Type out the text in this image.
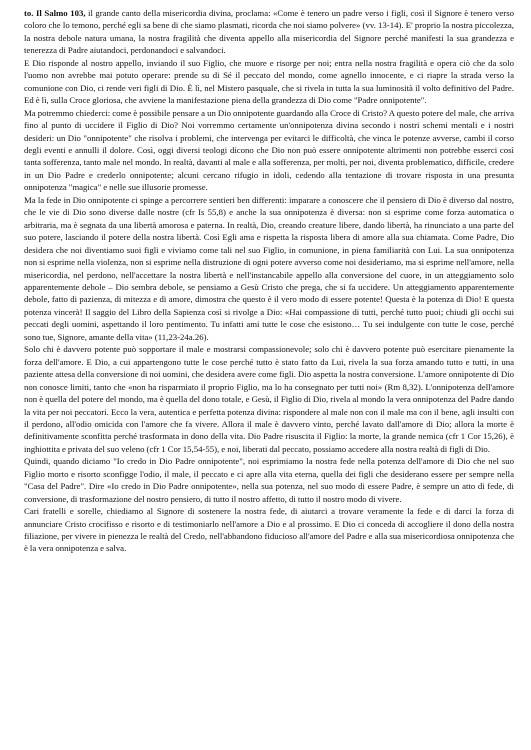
to. Il Salmo 103, il grande canto della misericordia divina, proclama: «Come è tenero un padre verso i figli, così il Signore è tenero verso coloro che lo temono, perché egli sa bene di che siamo plasmati, ricorda che noi siamo polvere» (vv. 13-14). E' proprio la nostra piccolezza, la nostra debole natura umana, la nostra fragilità che diventa appello alla misericordia del Signore perché manifesti la sua grandezza e tenerezza di Padre aiutandoci, perdonandoci e salvandoci.

E Dio risponde al nostro appello, inviando il suo Figlio, che muore e risorge per noi; entra nella nostra fragilità e opera ciò che da solo l'uomo non avrebbe mai potuto operare: prende su di Sé il peccato del mondo, come agnello innocente, e ci riapre la strada verso la comunione con Dio, ci rende veri figli di Dio. È lì, nel Mistero pasquale, che si rivela in tutta la sua luminosità il volto definitivo del Padre. Ed è lì, sulla Croce gloriosa, che avviene la manifestazione piena della grandezza di Dio come "Padre onnipotente".

Ma potremmo chiederci: come è possibile pensare a un Dio onnipotente guardando alla Croce di Cristo? A questo potere del male, che arriva fino al punto di uccidere il Figlio di Dio? Noi vorremmo certamente un'onnipotenza divina secondo i nostri schemi mentali e i nostri desideri: un Dio "onnipotente" che risolva i problemi, che intervenga per evitarci le difficoltà, che vinca le potenze avverse, cambi il corso degli eventi e annulli il dolore. Così, oggi diversi teologi dicono che Dio non può essere onnipotente altrimenti non potrebbe esserci così tanta sofferenza, tanto male nel mondo. In realtà, davanti al male e alla sofferenza, per molti, per noi, diventa problematico, difficile, credere in un Dio Padre e crederlo onnipotente; alcuni cercano rifugio in idoli, cedendo alla tentazione di trovare risposta in una presunta onnipotenza "magica" e nelle sue illusorie promesse.

Ma la fede in Dio onnipotente ci spinge a percorrere sentieri ben differenti: imparare a conoscere che il pensiero di Dio è diverso dal nostro, che le vie di Dio sono diverse dalle nostre (cfr Is 55,8) e anche la sua onnipotenza è diversa: non si esprime come forza automatica o arbitraria, ma è segnata da una libertà amorosa e paterna. In realtà, Dio, creando creature libere, dando libertà, ha rinunciato a una parte del suo potere, lasciando il potere della nostra libertà. Così Egli ama e rispetta la risposta libera di amore alla sua chiamata. Come Padre, Dio desidera che noi diventiamo suoi figli e viviamo come tali nel suo Figlio, in comunione, in piena familiarità con Lui. La sua onnipotenza non si esprime nella violenza, non si esprime nella distruzione di ogni potere avverso come noi desideriamo, ma si esprime nell'amore, nella misericordia, nel perdono, nell'accettare la nostra libertà e nell'instancabile appello alla conversione del cuore, in un atteggiamento solo apparentemente debole – Dio sembra debole, se pensiamo a Gesù Cristo che prega, che si fa uccidere. Un atteggiamento apparentemente debole, fatto di pazienza, di mitezza e di amore, dimostra che questo è il vero modo di essere potente! Questa è la potenza di Dio! E questa potenza vincerà! Il saggio del Libro della Sapienza così si rivolge a Dio: «Hai compassione di tutti, perché tutto puoi; chiudi gli occhi sui peccati degli uomini, aspettando il loro pentimento. Tu infatti ami tutte le cose che esistono… Tu sei indulgente con tutte le cose, perché sono tue, Signore, amante della vita» (11,23-24a.26).

Solo chi è davvero potente può sopportare il male e mostrarsi compassionevole; solo chi è davvero potente può esercitare pienamente la forza dell'amore. E Dio, a cui appartengono tutte le cose perché tutto è stato fatto da Lui, rivela la sua forza amando tutto e tutti, in una paziente attesa della conversione di noi uomini, che desidera avere come figli. Dio aspetta la nostra conversione. L'amore onnipotente di Dio non conosce limiti, tanto che «non ha risparmiato il proprio Figlio, ma lo ha consegnato per tutti noi» (Rm 8,32). L'onnipotenza dell'amore non è quella del potere del mondo, ma è quella del dono totale, e Gesù, il Figlio di Dio, rivela al mondo la vera onnipotenza del Padre dando la vita per noi peccatori. Ecco la vera, autentica e perfetta potenza divina: rispondere al male non con il male ma con il bene, agli insulti con il perdono, all'odio omicida con l'amore che fa vivere. Allora il male è davvero vinto, perché lavato dall'amore di Dio; allora la morte è definitivamente sconfitta perché trasformata in dono della vita. Dio Padre risuscita il Figlio: la morte, la grande nemica (cfr 1 Cor 15,26), è inghiottita e privata del suo veleno (cfr 1 Cor 15,54-55), e noi, liberati dal peccato, possiamo accedere alla nostra realtà di figli di Dio.

Quindi, quando diciamo "Io credo in Dio Padre onnipotente", noi esprimiamo la nostra fede nella potenza dell'amore di Dio che nel suo Figlio morto e risorto sconfigge l'odio, il male, il peccato e ci apre alla vita eterna, quella dei figli che desiderano essere per sempre nella "Casa del Padre". Dire «Io credo in Dio Padre onnipotente», nella sua potenza, nel suo modo di essere Padre, è sempre un atto di fede, di conversione, di trasformazione del nostro pensiero, di tutto il nostro affetto, di tutto il nostro modo di vivere.

Cari fratelli e sorelle, chiediamo al Signore di sostenere la nostra fede, di aiutarci a trovare veramente la fede e di darci la forza di annunciare Cristo crocifisso e risorto e di testimoniarlo nell'amore a Dio e al prossimo. E Dio ci conceda di accogliere il dono della nostra filiazione, per vivere in pienezza le realtà del Credo, nell'abbandono fiducioso all'amore del Padre e alla sua misericordiosa onnipotenza che è la vera onnipotenza e salva.
